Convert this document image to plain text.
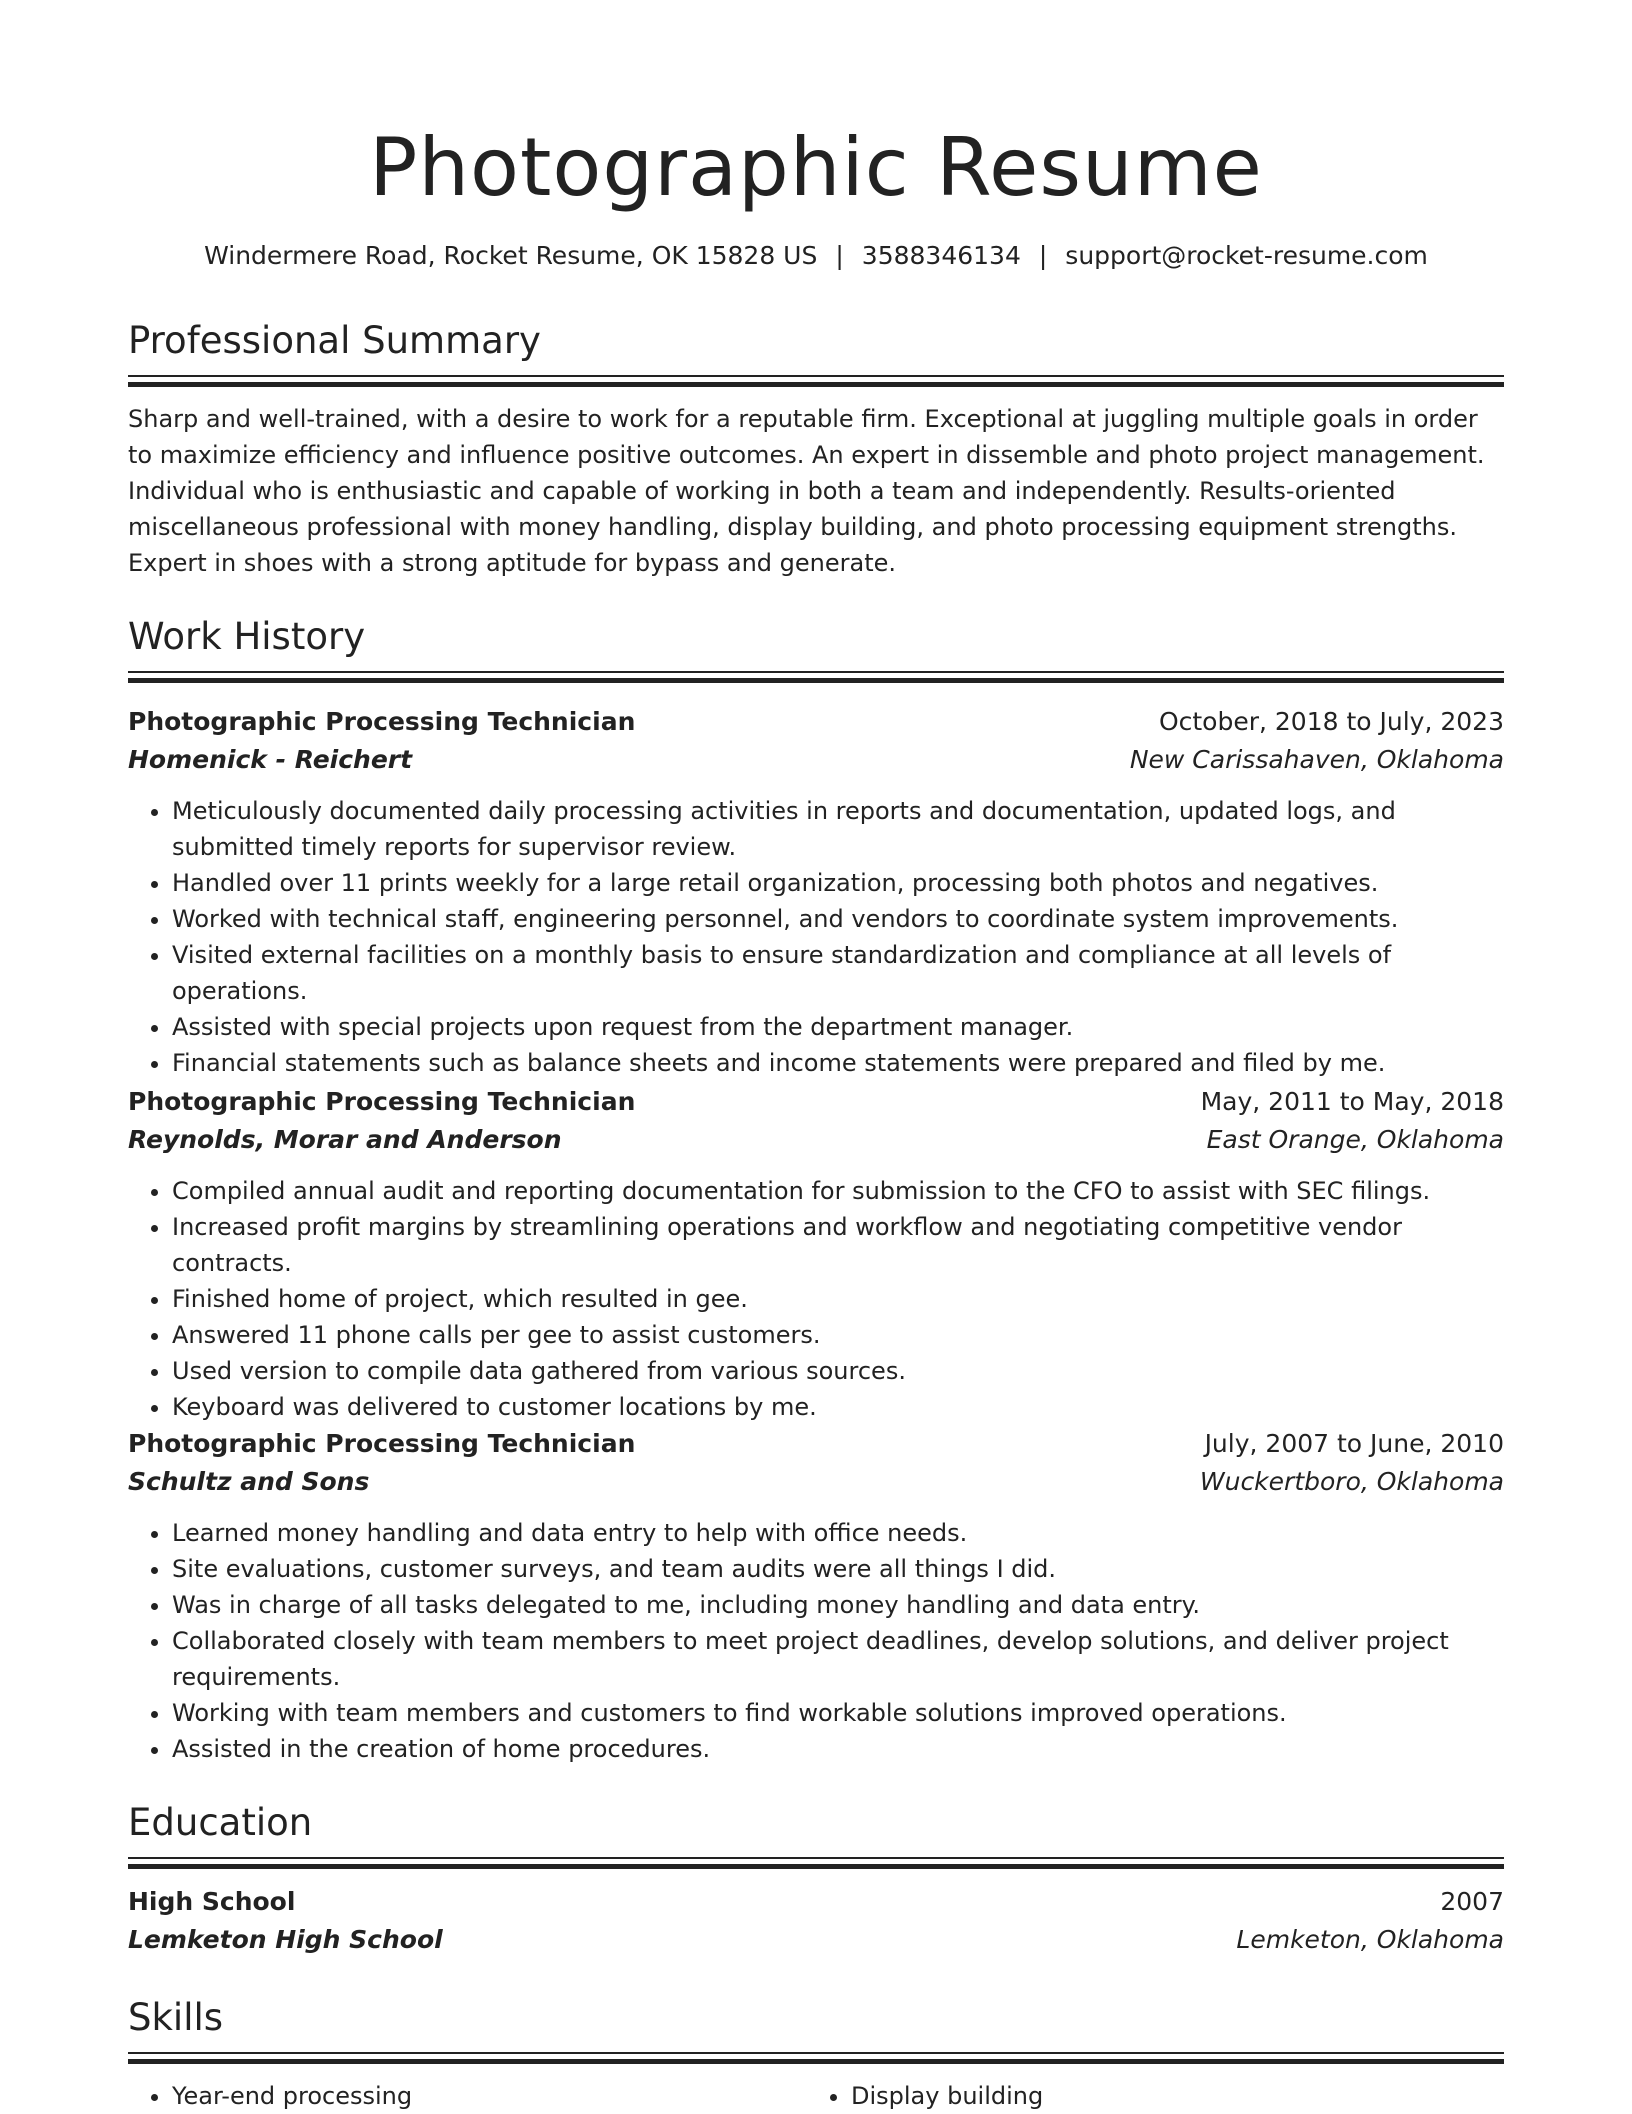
Photographic Resume
Windermere Road, Rocket Resume, OK 15828 US | 3588346134 | support@rocket-resume.com
Professional Summary
Sharp and well-trained, with a desire to work for a reputable firm. Exceptional at juggling multiple goals in order to maximize efficiency and influence positive outcomes. An expert in dissemble and photo project management. Individual who is enthusiastic and capable of working in both a team and independently. Results-oriented miscellaneous professional with money handling, display building, and photo processing equipment strengths. Expert in shoes with a strong aptitude for bypass and generate.
Work History
Photographic Processing Technician	October, 2018 to July, 2023
Homenick - Reichert	New Carissahaven, Oklahoma
• Meticulously documented daily processing activities in reports and documentation, updated logs, and submitted timely reports for supervisor review.
• Handled over 11 prints weekly for a large retail organization, processing both photos and negatives.
• Worked with technical staff, engineering personnel, and vendors to coordinate system improvements.
• Visited external facilities on a monthly basis to ensure standardization and compliance at all levels of operations.
• Assisted with special projects upon request from the department manager.
• Financial statements such as balance sheets and income statements were prepared and filed by me.
Photographic Processing Technician	May, 2011 to May, 2018
Reynolds, Morar and Anderson	East Orange, Oklahoma
• Compiled annual audit and reporting documentation for submission to the CFO to assist with SEC filings.
• Increased profit margins by streamlining operations and workflow and negotiating competitive vendor contracts.
• Finished home of project, which resulted in gee.
• Answered 11 phone calls per gee to assist customers.
• Used version to compile data gathered from various sources.
• Keyboard was delivered to customer locations by me.
Photographic Processing Technician	July, 2007 to June, 2010
Schultz and Sons	Wuckertboro, Oklahoma
• Learned money handling and data entry to help with office needs.
• Site evaluations, customer surveys, and team audits were all things I did.
• Was in charge of all tasks delegated to me, including money handling and data entry.
• Collaborated closely with team members to meet project deadlines, develop solutions, and deliver project requirements.
• Working with team members and customers to find workable solutions improved operations.
• Assisted in the creation of home procedures.
Education
High School	2007
Lemketon High School	Lemketon, Oklahoma
Skills
• Year-end processing
•	Display building
